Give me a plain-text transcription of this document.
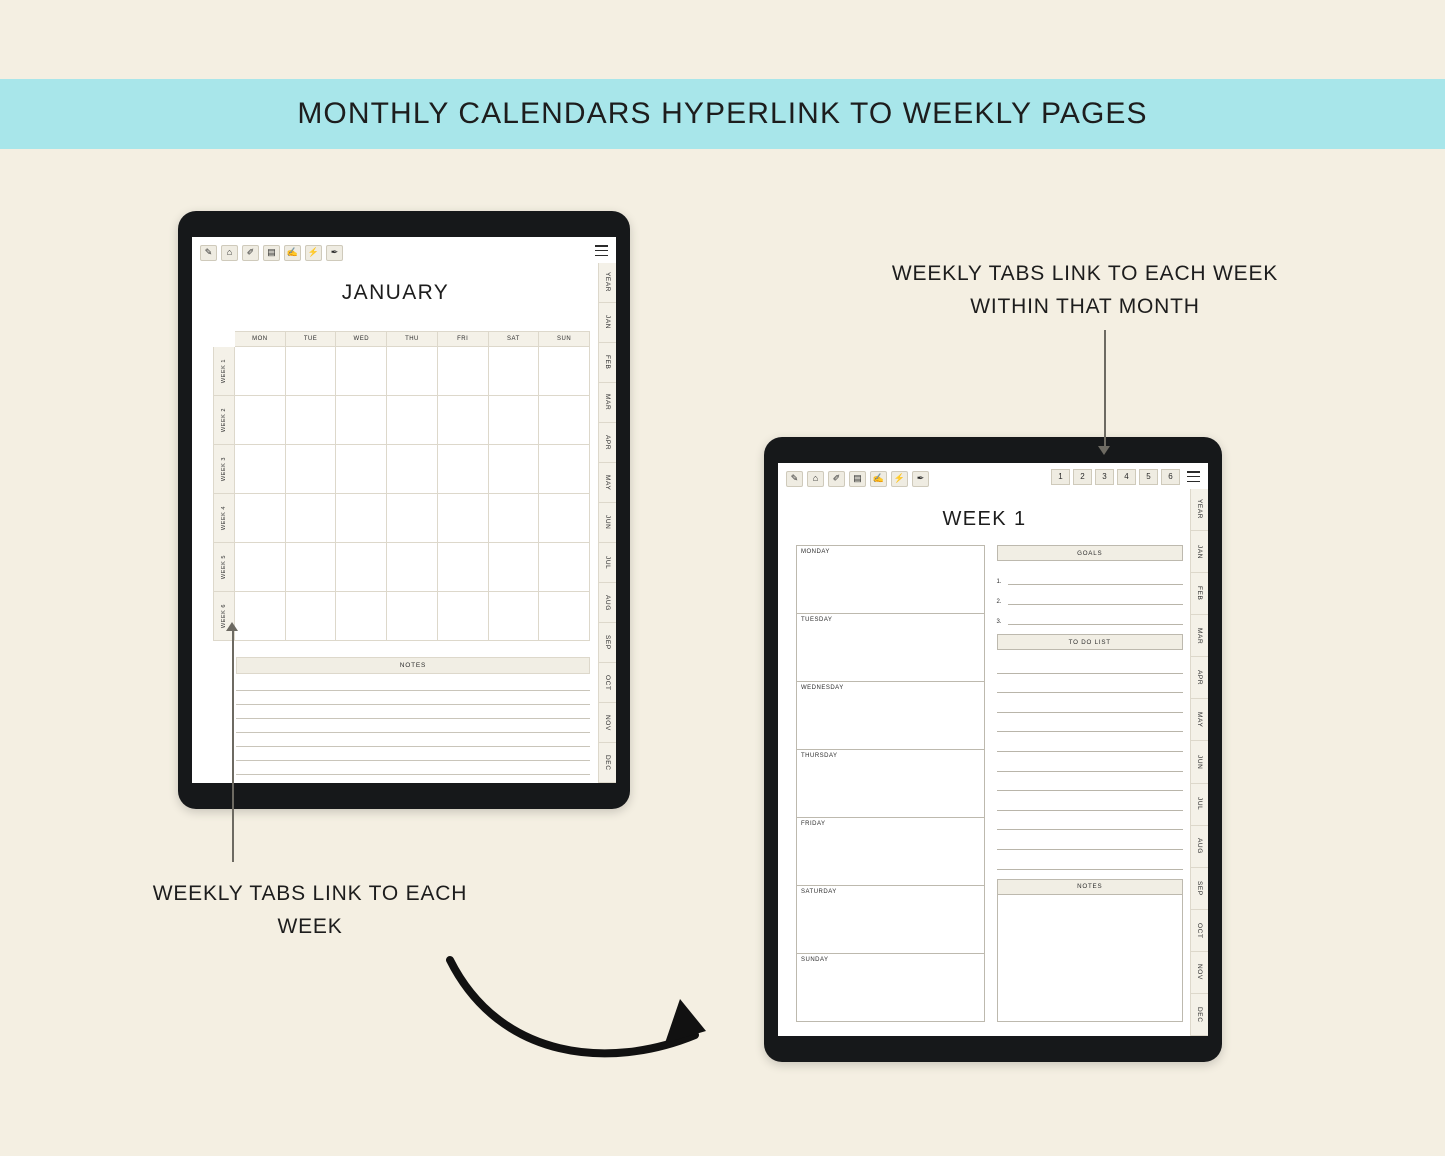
MONTHLY CALENDARS HYPERLINK TO WEEKLY PAGES
✎	⌂	✐	▤	✍	⚡	✒
JANUARY
MON	TUE	WED	THU	FRI	SAT	SUN
WEEK 1
WEEK 2
WEEK 3
WEEK 4
WEEK 5
WEEK 6
NOTES
YEAR
JAN
FEB
MAR
APR
MAY
JUN
JUL
AUG
SEP
OCT
NOV
DEC
✎	⌂	✐	▤	✍	⚡	✒	1	2	3	4	5	6
WEEK 1
MONDAY
TUESDAY
WEDNESDAY
THURSDAY
FRIDAY
SATURDAY
SUNDAY
GOALS
1.
2.
3.
TO DO LIST
NOTES
YEAR
JAN
FEB
MAR
APR
MAY
JUN
JUL
AUG
SEP
OCT
NOV
DEC
WEEKLY TABS LINK TO EACH WEEK WITHIN THAT MONTH
WEEKLY TABS LINK TO EACH WEEK
